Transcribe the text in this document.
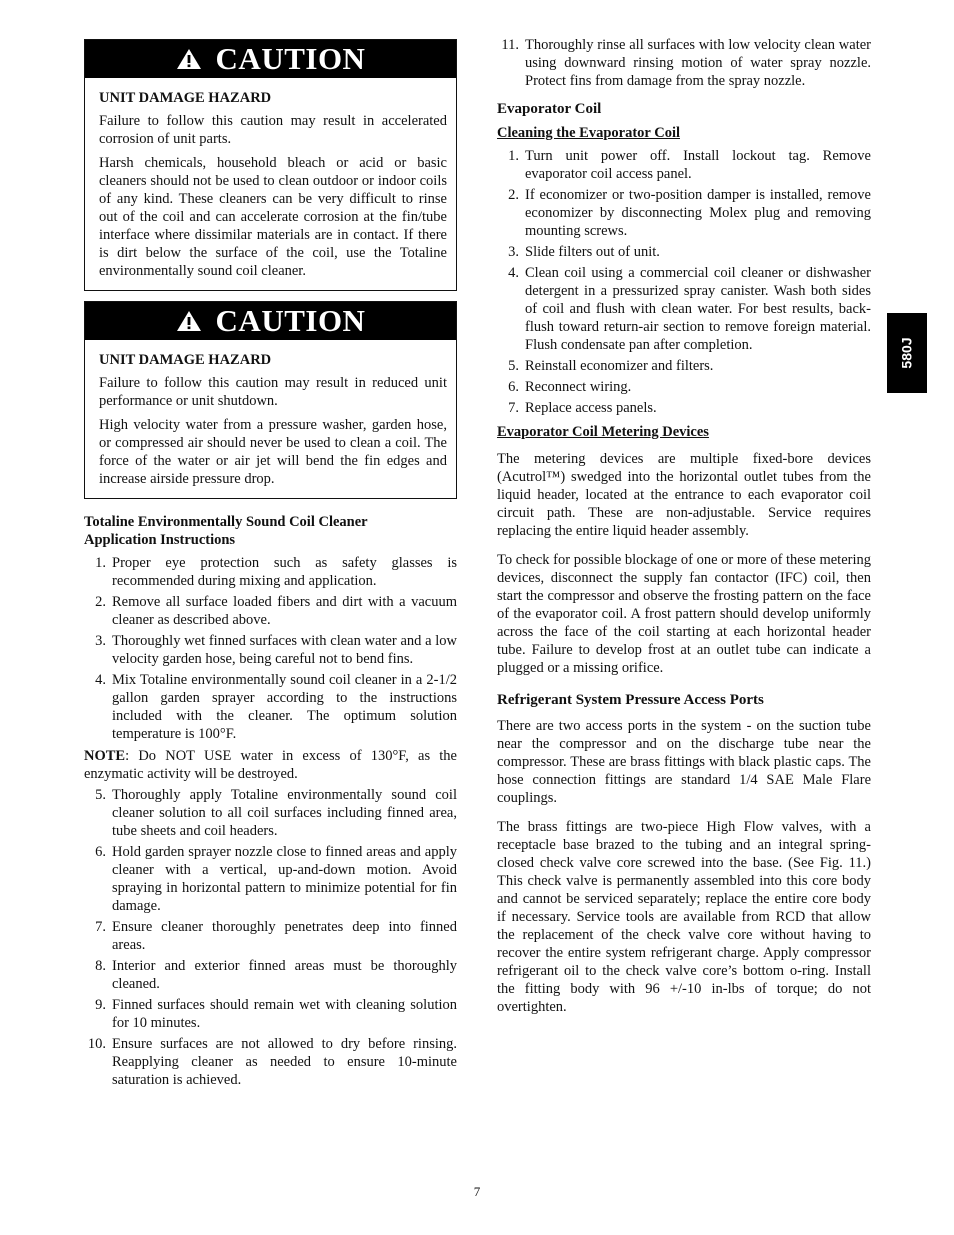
CAUTION
UNIT DAMAGE HAZARD

Failure to follow this caution may result in accelerated corrosion of unit parts.

Harsh chemicals, household bleach or acid or basic cleaners should not be used to clean outdoor or indoor coils of any kind. These cleaners can be very difficult to rinse out of the coil and can accelerate corrosion at the fin/tube interface where dissimilar materials are in contact. If there is dirt below the surface of the coil, use the Totaline environmentally sound coil cleaner.

CAUTION
UNIT DAMAGE HAZARD

Failure to follow this caution may result in reduced unit performance or unit shutdown.

High velocity water from a pressure washer, garden hose, or compressed air should never be used to clean a coil. The force of the water or air jet will bend the fin edges and increase airside pressure drop.

Totaline Environmentally Sound Coil Cleaner
Application Instructions
1. Proper eye protection such as safety glasses is recommended during mixing and application.
2. Remove all surface loaded fibers and dirt with a vacuum cleaner as described above.
3. Thoroughly wet finned surfaces with clean water and a low velocity garden hose, being careful not to bend fins.
4. Mix Totaline environmentally sound coil cleaner in a 2-1/2 gallon garden sprayer according to the instructions included with the cleaner. The optimum solution temperature is 100°F.

NOTE: Do NOT USE water in excess of 130°F, as the enzymatic activity will be destroyed.

5. Thoroughly apply Totaline environmentally sound coil cleaner solution to all coil surfaces including finned area, tube sheets and coil headers.
6. Hold garden sprayer nozzle close to finned areas and apply cleaner with a vertical, up-and-down motion. Avoid spraying in horizontal pattern to minimize potential for fin damage.
7. Ensure cleaner thoroughly penetrates deep into finned areas.
8. Interior and exterior finned areas must be thoroughly cleaned.
9. Finned surfaces should remain wet with cleaning solution for 10 minutes.
10. Ensure surfaces are not allowed to dry before rinsing. Reapplying cleaner as needed to ensure 10-minute saturation is achieved.
11. Thoroughly rinse all surfaces with low velocity clean water using downward rinsing motion of water spray nozzle. Protect fins from damage from the spray nozzle.
Evaporator Coil
Cleaning the Evaporator Coil
1. Turn unit power off. Install lockout tag. Remove evaporator coil access panel.
2. If economizer or two-position damper is installed, remove economizer by disconnecting Molex plug and removing mounting screws.
3. Slide filters out of unit.
4. Clean coil using a commercial coil cleaner or dishwasher detergent in a pressurized spray canister. Wash both sides of coil and flush with clean water. For best results, back-flush toward return-air section to remove foreign material. Flush condensate pan after completion.
5. Reinstall economizer and filters.
6. Reconnect wiring.
7. Replace access panels.
Evaporator Coil Metering Devices

The metering devices are multiple fixed-bore devices (Acutrol™) swedged into the horizontal outlet tubes from the liquid header, located at the entrance to each evaporator coil circuit path. These are non-adjustable. Service requires replacing the entire liquid header assembly.

To check for possible blockage of one or more of these metering devices, disconnect the supply fan contactor (IFC) coil, then start the compressor and observe the frosting pattern on the face of the evaporator coil. A frost pattern should develop uniformly across the face of the coil starting at each horizontal header tube. Failure to develop frost at an outlet tube can indicate a plugged or a missing orifice.

Refrigerant System Pressure Access Ports

There are two access ports in the system - on the suction tube near the compressor and on the discharge tube near the compressor. These are brass fittings with black plastic caps. The hose connection fittings are standard 1/4 SAE Male Flare couplings.

The brass fittings are two-piece High Flow valves, with a receptacle base brazed to the tubing and an integral spring-closed check valve core screwed into the base. (See Fig. 11.) This check valve is permanently assembled into this core body and cannot be serviced separately; replace the entire core body if necessary. Service tools are available from RCD that allow the replacement of the check valve core without having to recover the entire system refrigerant charge. Apply compressor refrigerant oil to the check valve core’s bottom o-ring. Install the fitting body with 96 +/-10 in-lbs of torque; do not overtighten.

580J
7
